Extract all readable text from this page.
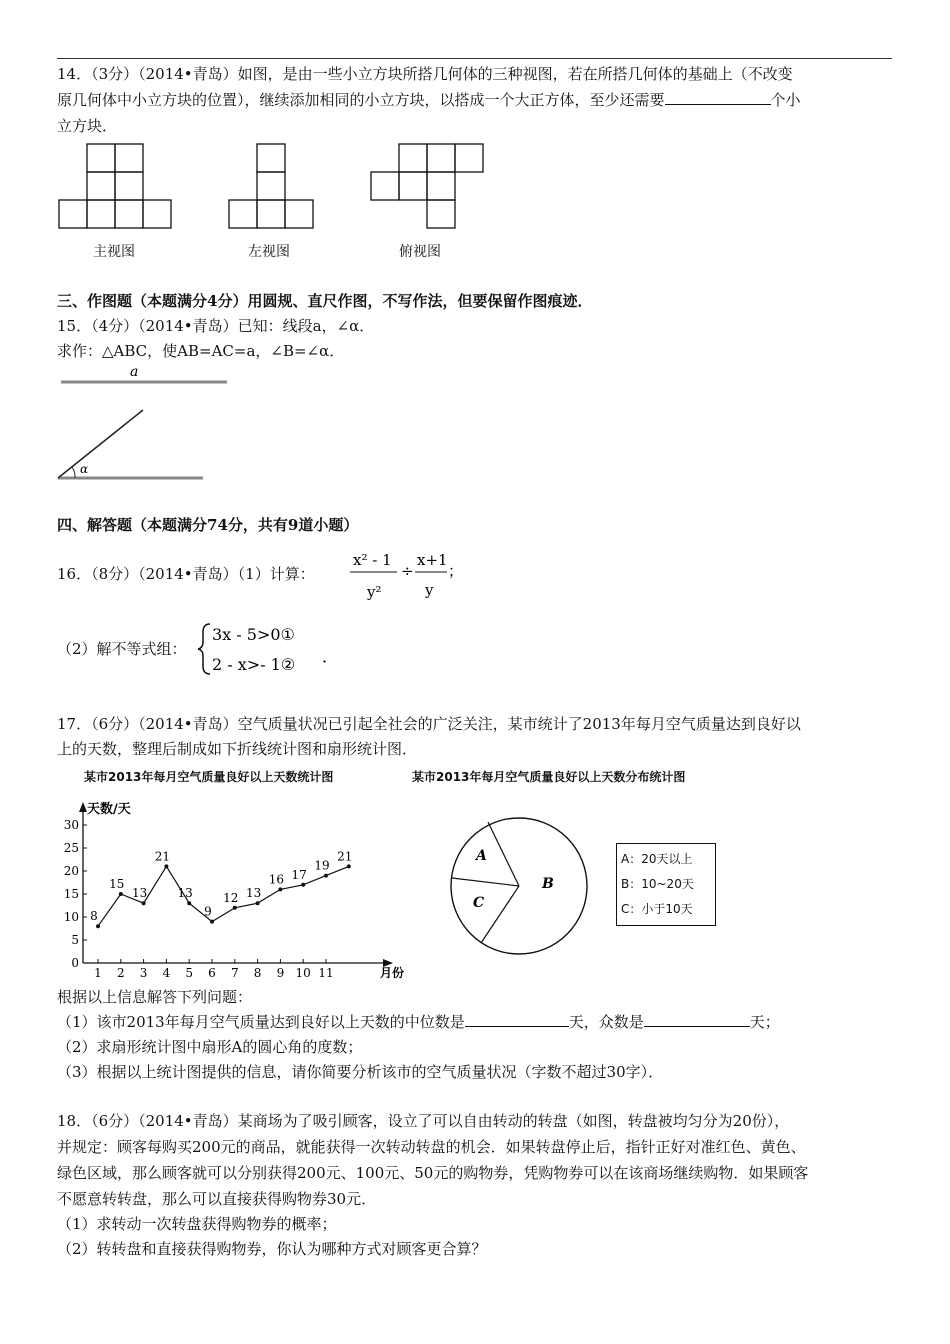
14．（3分）（2014•青岛）如图，是由一些小立方块所搭几何体的三种视图，若在所搭几何体的基础上（不改变
原几何体中小立方块的位置），继续添加相同的小立方块，以搭成一个大正方体，至少还需要	个小
立方块．
主视图	左视图	俯视图
三、作图题（本题满分4分）用圆规、直尺作图，不写作法，但要保留作图痕迹．
15．（4分）（2014•青岛）已知：线段a，∠α．
求作：△ABC，使AB=AC=a，∠B=∠α．
a
α
四、解答题（本题满分74分，共有9道小题）
16．（8分）（2014•青岛）（1）计算：
x² - 1
y²
÷
x+1
y
；
（2）解不等式组：
3x - 5>0①
2 - x>- 1② ．
17．（6分）（2014•青岛）空气质量状况已引起全社会的广泛关注，某市统计了2013年每月空气质量达到良好以
上的天数，整理后制成如下折线统计图和扇形统计图．
某市2013年每月空气质量良好以上天数统计图	某市2013年每月空气质量良好以上天数分布统计图
天数/天
月份
0
5
10
15
20
25
30
1 2 3 4 5 6 7 8 9 10 11
8
15
13
21
13
9
12 13
16 17
19
21	A
B
C
A：20天以上
B：10~20天
C：小于10天
根据以上信息解答下列问题：
（1）该市2013年每月空气质量达到良好以上天数的中位数是	天，众数是	天；
（2）求扇形统计图中扇形A的圆心角的度数；
（3）根据以上统计图提供的信息，请你简要分析该市的空气质量状况（字数不超过30字）．
18．（6分）（2014•青岛）某商场为了吸引顾客，设立了可以自由转动的转盘（如图，转盘被均匀分为20份），
并规定：顾客每购买200元的商品，就能获得一次转动转盘的机会．如果转盘停止后，指针正好对准红色、黄色、
绿色区域，那么顾客就可以分别获得200元、100元、50元的购物券，凭购物券可以在该商场继续购物．如果顾客
不愿意转转盘，那么可以直接获得购物券30元．
（1）求转动一次转盘获得购物券的概率；
（2）转转盘和直接获得购物券，你认为哪种方式对顾客更合算？
